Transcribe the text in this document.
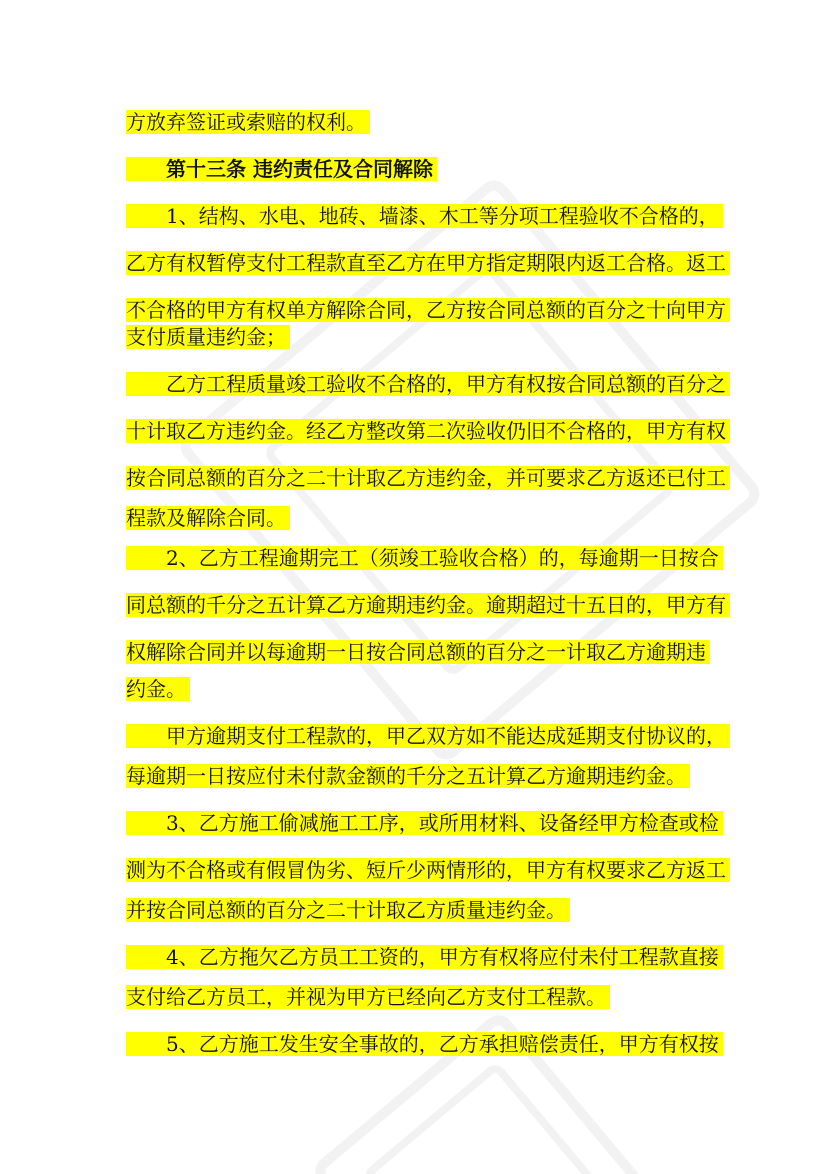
方放弃签证或索赔的权利。
第十三条 违约责任及合同解除
1、结构、水电、地砖、墙漆、木工等分项工程验收不合格的，
乙方有权暂停支付工程款直至乙方在甲方指定期限内返工合格。返工
不合格的甲方有权单方解除合同，乙方按合同总额的百分之十向甲方
支付质量违约金；
乙方工程质量竣工验收不合格的，甲方有权按合同总额的百分之
十计取乙方违约金。经乙方整改第二次验收仍旧不合格的，甲方有权
按合同总额的百分之二十计取乙方违约金，并可要求乙方返还已付工
程款及解除合同。
2、乙方工程逾期完工（须竣工验收合格）的，每逾期一日按合
同总额的千分之五计算乙方逾期违约金。逾期超过十五日的，甲方有
权解除合同并以每逾期一日按合同总额的百分之一计取乙方逾期违
约金。
甲方逾期支付工程款的，甲乙双方如不能达成延期支付协议的，
每逾期一日按应付未付款金额的千分之五计算乙方逾期违约金。
3、乙方施工偷减施工工序，或所用材料、设备经甲方检查或检
测为不合格或有假冒伪劣、短斤少两情形的，甲方有权要求乙方返工
并按合同总额的百分之二十计取乙方质量违约金。
4、乙方拖欠乙方员工工资的，甲方有权将应付未付工程款直接
支付给乙方员工，并视为甲方已经向乙方支付工程款。
5、乙方施工发生安全事故的，乙方承担赔偿责任，甲方有权按
